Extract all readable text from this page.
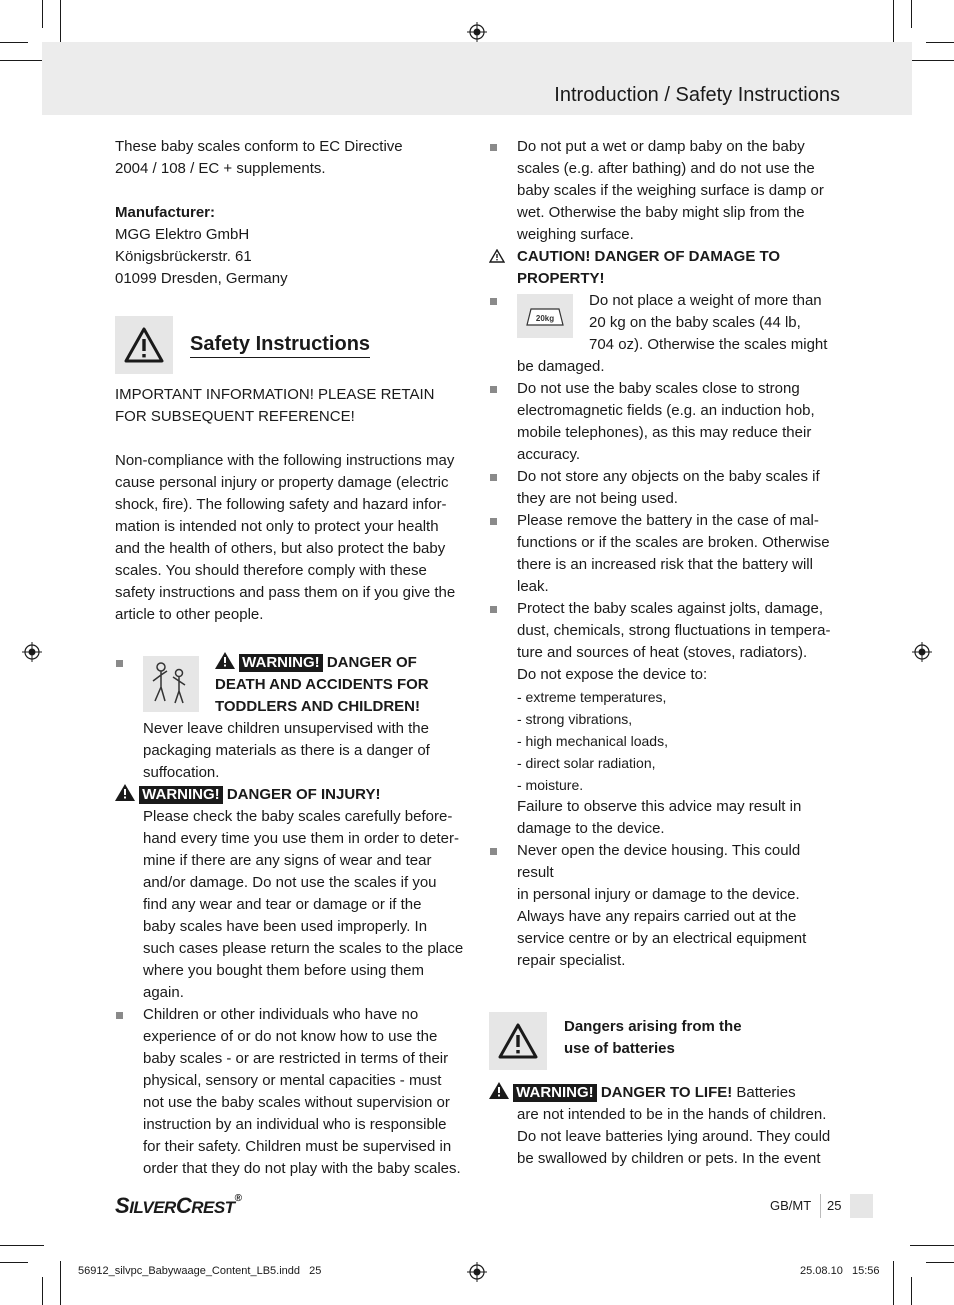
Introduction / Safety Instructions

These baby scales conform to EC Directive

2004 / 108 / EC + supplements.

Manufacturer:

MGG Elektro GmbH

Königsbrückerstr. 61

01099 Dresden, Germany

Safety Instructions

IMPORTANT INFORMATION! PLEASE RETAIN

FOR SUBSEQUENT REFERENCE!

Non-compliance with the following instructions may

cause personal injury or property damage (electric

shock, fire). The following safety and hazard infor-

mation is intended not only to protect your health

and the health of others, but also protect the baby

scales. You should therefore comply with these

safety instructions and pass them on if you give the

article to other people.

WARNING! DANGER OF
DEATH AND ACCIDENTS FOR
TODDLERS AND CHILDREN!

Never leave children unsupervised with the

packaging materials as there is a danger of

suffocation.

WARNING! DANGER OF INJURY!

Please check the baby scales carefully before-

hand every time you use them in order to deter-

mine if there are any signs of wear and tear

and/or damage. Do not use the scales if you

find any wear and tear or damage or if the

baby scales have been used improperly. In

such cases please return the scales to the place

where you bought them before using them

again.

Children or other individuals who have no

experience of or do not know how to use the

baby scales - or are restricted in terms of their

physical, sensory or mental capacities - must

not use the baby scales without supervision or

instruction by an individual who is responsible

for their safety. Children must be supervised in

order that they do not play with the baby scales.

Do not put a wet or damp baby on the baby

scales (e.g. after bathing) and do not use the

baby scales if the weighing surface is damp or

wet. Otherwise the baby might slip from the

weighing surface.

CAUTION! DANGER OF DAMAGE TO

PROPERTY!

20kg

Do not place a weight of more than

20 kg on the baby scales (44 lb,

704 oz). Otherwise the scales might

be damaged.

Do not use the baby scales close to strong

electromagnetic fields (e.g. an induction hob,

mobile telephones), as this may reduce their

accuracy.

Do not store any objects on the baby scales if

they are not being used.

Please remove the battery in the case of mal-

functions or if the scales are broken. Otherwise

there is an increased risk that the battery will

leak.

Protect the baby scales against jolts, damage,

dust, chemicals, strong fluctuations in tempera-

ture and sources of heat (stoves, radiators).

Do not expose the device to:

- extreme temperatures,

- strong vibrations,

- high mechanical loads,

- direct solar radiation,

- moisture.

Failure to observe this advice may result in

damage to the device.

Never open the device housing. This could result

in personal injury or damage to the device.

Always have any repairs carried out at the

service centre or by an electrical equipment

repair specialist.

Dangers arising from the
use of batteries
WARNING! DANGER TO LIFE! Batteries

are not intended to be in the hands of children.

Do not leave batteries lying around. They could

be swallowed by children or pets. In the event

SILVERCREST®	GB/MT 25
56912_silvpc_Babywaage_Content_LB5.indd   25	25.08.10   15:56
